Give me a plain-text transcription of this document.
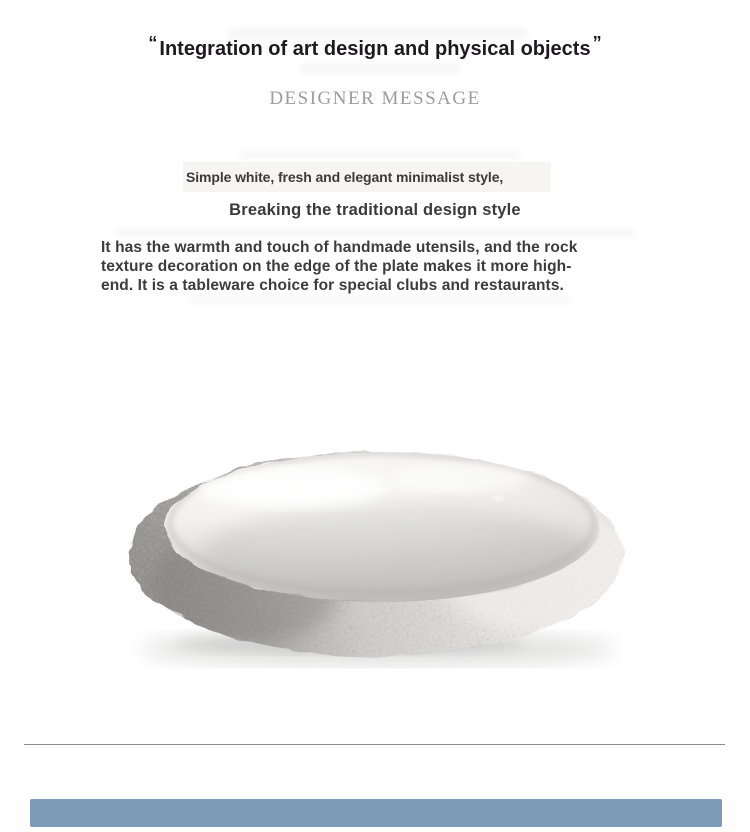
“ Integration of art design and physical objects ”
DESIGNER MESSAGE
Simple white, fresh and elegant minimalist style,
Breaking the traditional design style
It has the warmth and touch of handmade utensils, and the rock
texture decoration on the edge of the plate makes it more high-
end. It is a tableware choice for special clubs and restaurants.
